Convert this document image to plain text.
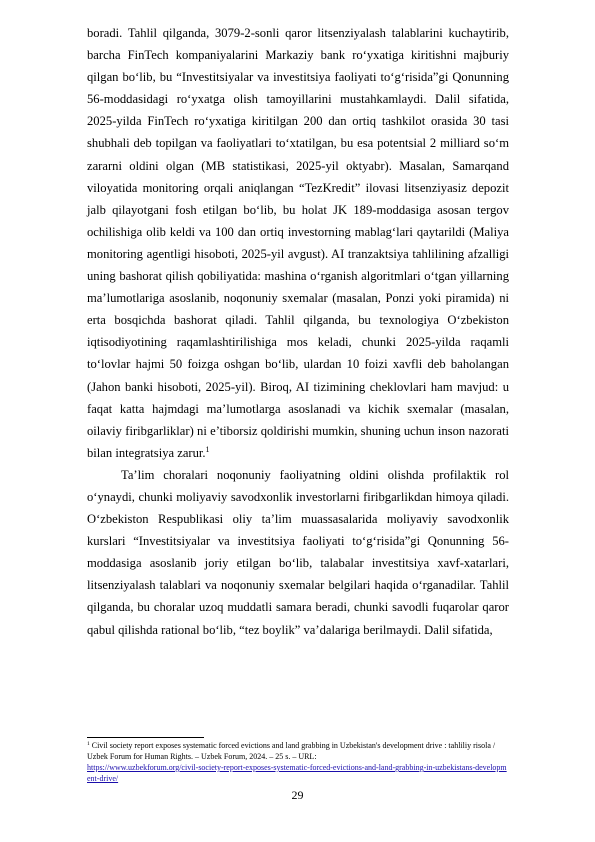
boradi. Tahlil qilganda, 3079-2-sonli qaror litsenziyalash talablarini kuchaytirib, barcha FinTech kompaniyalarini Markaziy bank ro‘yxatiga kiritishni majburiy qilgan bo‘lib, bu “Investitsiyalar va investitsiya faoliyati to‘g‘risida”gi Qonunning 56-moddasidagi ro‘yxatga olish tamoyillarini mustahkamlaydi. Dalil sifatida, 2025-yilda FinTech ro‘yxatiga kiritilgan 200 dan ortiq tashkilot orasida 30 tasi shubhali deb topilgan va faoliyatlari to‘xtatilgan, bu esa potentsial 2 milliard so‘m zararni oldini olgan (MB statistikasi, 2025-yil oktyabr). Masalan, Samarqand viloyatida monitoring orqali aniqlangan “TezKredit” ilovasi litsenziyasiz depozit jalb qilayotgani fosh etilgan bo‘lib, bu holat JK 189-moddasiga asosan tergov ochilishiga olib keldi va 100 dan ortiq investorning mablag‘lari qaytarildi (Maliya monitoring agentligi hisoboti, 2025-yil avgust). AI tranzaktsiya tahlilining afzalligi uning bashorat qilish qobiliyatida: mashina o‘rganish algoritmlari o‘tgan yillarning ma’lumotlariga asoslanib, noqonuniy sxemalar (masalan, Ponzi yoki piramida) ni erta bosqichda bashorat qiladi. Tahlil qilganda, bu texnologiya O‘zbekiston iqtisodiyotining raqamlashtirilishiga mos keladi, chunki 2025-yilda raqamli to‘lovlar hajmi 50 foizga oshgan bo‘lib, ulardan 10 foizi xavfli deb baholangan (Jahon banki hisoboti, 2025-yil). Biroq, AI tizimining cheklovlari ham mavjud: u faqat katta hajmdagi ma’lumotlarga asoslanadi va kichik sxemalar (masalan, oilaviy firibgarliklar) ni e’tiborsiz qoldirishi mumkin, shuning uchun inson nazorati bilan integratsiya zarur.$^1$

Ta’lim choralari noqonuniy faoliyatning oldini olishda profilaktik rol o‘ynaydi, chunki moliyaviy savodxonlik investorlarni firibgarlikdan himoya qiladi. O‘zbekiston Respublikasi oliy ta’lim muassasalarida moliyaviy savodxonlik kurslari “Investitsiyalar va investitsiya faoliyati to‘g‘risida”gi Qonunning 56-moddasiga asoslanib joriy etilgan bo‘lib, talabalar investitsiya xavf-xatarlari, litsenziyalash talablari va noqonuniy sxemalar belgilari haqida o‘rganadilar. Tahlil qilganda, bu choralar uzoq muddatli samara beradi, chunki savodli fuqarolar qaror qabul qilishda rational bo‘lib, “tez boylik” va’dalariga berilmaydi. Dalil sifatida,

$^1$ Civil society report exposes systematic forced evictions and land grabbing in Uzbekistan's development drive : tahliliy risola / Uzbek Forum for Human Rights. – Uzbek Forum, 2024. – 25 s. – URL:
https://www.uzbekforum.org/civil-society-report-exposes-systematic-forced-evictions-and-land-grabbing-in-uzbekistans-development-drive/
29
